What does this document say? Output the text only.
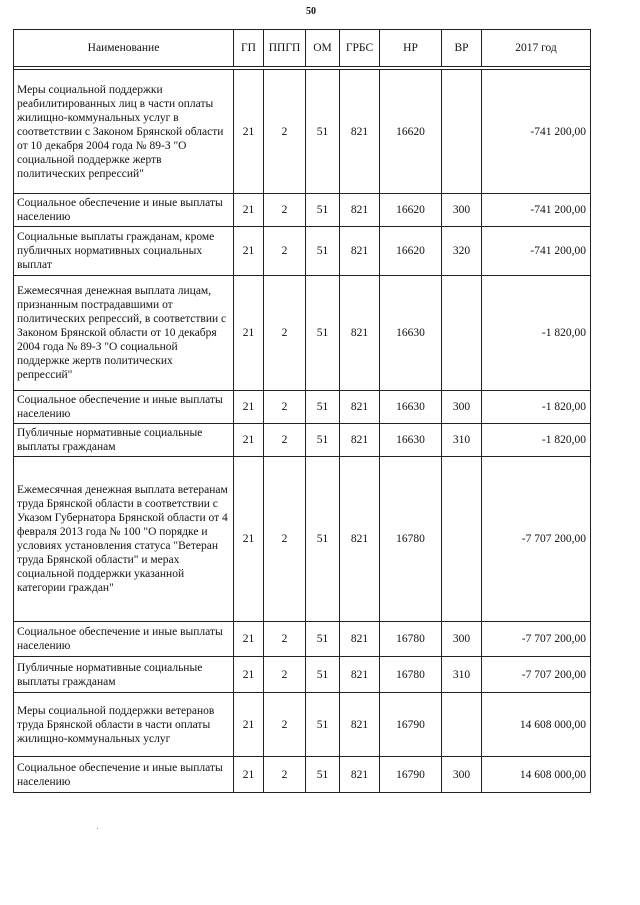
50
Наименование	ГП	ППГП	ОМ	ГРБС	НР	ВР	2017 год

Меры социальной поддержки реабилитированных лиц в части оплаты жилищно-коммунальных услуг в соответствии с Законом Брянской области от 10 декабря 2004 года № 89-З "О социальной поддержке жертв политических репрессий"	21	2	51	821	16620		-741 200,00
Социальное обеспечение и иные выплаты населению	21	2	51	821	16620	300	-741 200,00
Социальные выплаты гражданам, кроме публичных нормативных социальных выплат	21	2	51	821	16620	320	-741 200,00
Ежемесячная денежная выплата лицам, признанным пострадавшими от политических репрессий, в соответствии с Законом Брянской области от 10 декабря 2004 года № 89-З "О социальной поддержке жертв политических репрессий"	21	2	51	821	16630		-1 820,00
Социальное обеспечение и иные выплаты населению	21	2	51	821	16630	300	-1 820,00
Публичные нормативные социальные выплаты гражданам	21	2	51	821	16630	310	-1 820,00
Ежемесячная денежная выплата ветеранам труда Брянской области в соответствии с Указом Губернатора Брянской области от 4 февраля 2013 года № 100 "О порядке и условиях установления статуса "Ветеран труда Брянской области" и мерах социальной поддержки указанной категории граждан"	21	2	51	821	16780		-7 707 200,00
Социальное обеспечение и иные выплаты населению	21	2	51	821	16780	300	-7 707 200,00
Публичные нормативные социальные выплаты гражданам	21	2	51	821	16780	310	-7 707 200,00
Меры социальной поддержки ветеранов труда Брянской области в части оплаты жилищно-коммунальных услуг	21	2	51	821	16790		14 608 000,00
Социальное обеспечение и иные выплаты населению	21	2	51	821	16790	300	14 608 000,00
